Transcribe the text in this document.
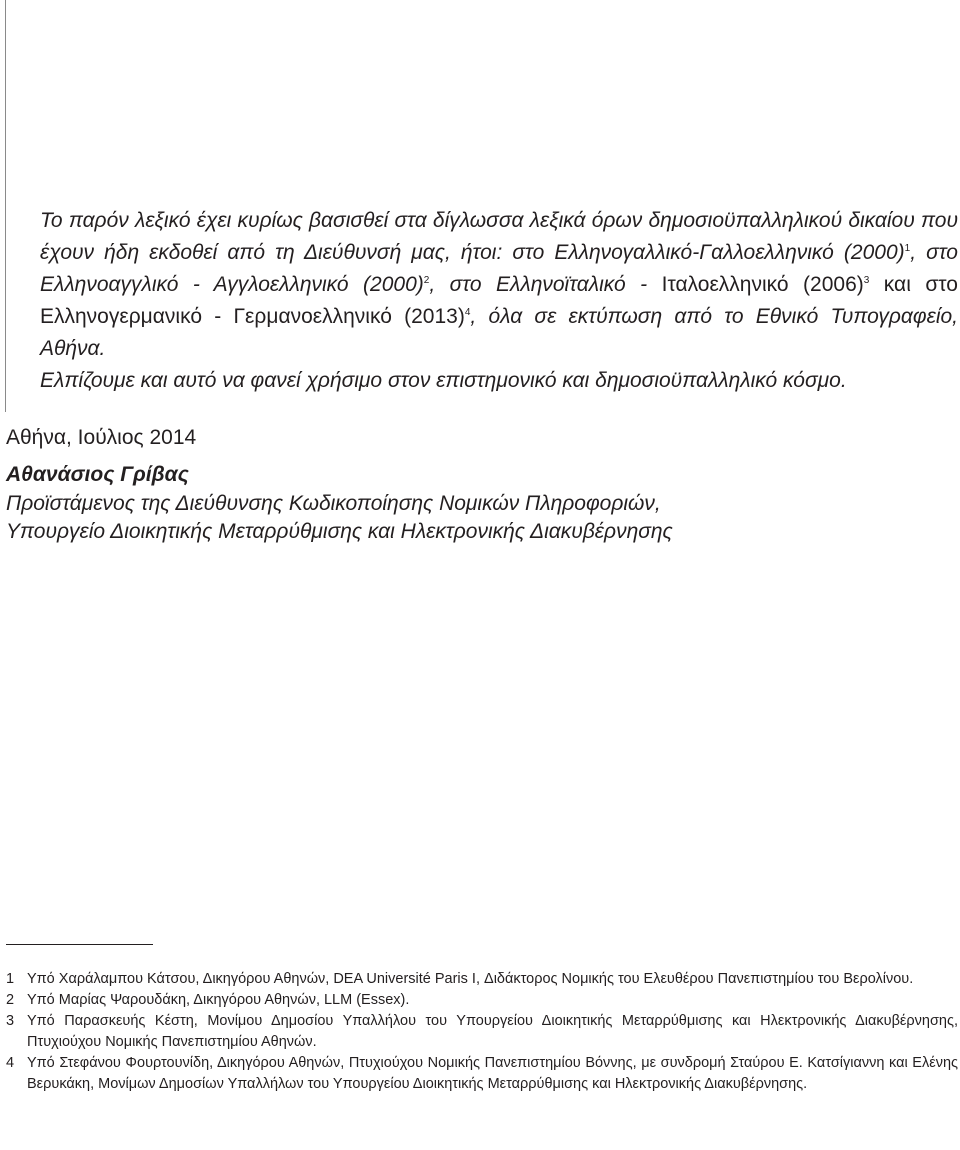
Το παρόν λεξικό έχει κυρίως βασισθεί στα δίγλωσσα λεξικά όρων δημοσιοϋπαλληλικού δικαίου που έχουν ήδη εκδοθεί από τη Διεύθυνσή μας, ήτοι: στο Ελληνογαλλικό-Γαλλοελληνικό $(2000)^1$, στο Ελληνοαγγλικό - Αγγλοελληνικό $(2000)^2$, στο Ελληνοϊταλικό - Ιταλοελληνικό $(2006)^3$ και στο Ελληνογερμανικό - Γερμανοελληνικό $(2013)^4$, όλα σε εκτύπωση από το Εθνικό Τυπογραφείο, Αθήνα.
Ελπίζουμε και αυτό να φανεί χρήσιμο στον επιστημονικό και δημοσιοϋπαλληλικό κόσμο.

Αθήνα, Ιούλιος 2014

Αθανάσιος Γρίβας

Προϊστάμενος της Διεύθυνσης Κωδικοποίησης Νομικών Πληροφοριών,
Υπουργείο Διοικητικής Μεταρρύθμισης και Ηλεκτρονικής Διακυβέρνησης

1 Υπό Χαράλαμπου Κάτσου, Δικηγόρου Αθηνών, DEA Université Paris I, Διδάκτορος Νομικής του Ελευθέρου Πανεπιστημίου του Βερολίνου.
2 Υπό Μαρίας Ψαρουδάκη, Δικηγόρου Αθηνών, LLM (Essex).
3 Υπό Παρασκευής Κέστη, Μονίμου Δημοσίου Υπαλλήλου του Υπουργείου Διοικητικής Μεταρρύθμισης και Ηλεκτρονικής Διακυβέρνησης, Πτυχιούχου Νομικής Πανεπιστημίου Αθηνών.
4 Υπό Στεφάνου Φουρτουνίδη, Δικηγόρου Αθηνών, Πτυχιούχου Νομικής Πανεπιστημίου Βόννης, με συνδρομή Σταύρου Ε. Κατσίγιαννη και Ελένης Βερυκάκη, Μονίμων Δημοσίων Υπαλλήλων του Υπουργείου Διοικητικής Μεταρρύθμισης και Ηλεκτρονικής Διακυβέρνησης.
